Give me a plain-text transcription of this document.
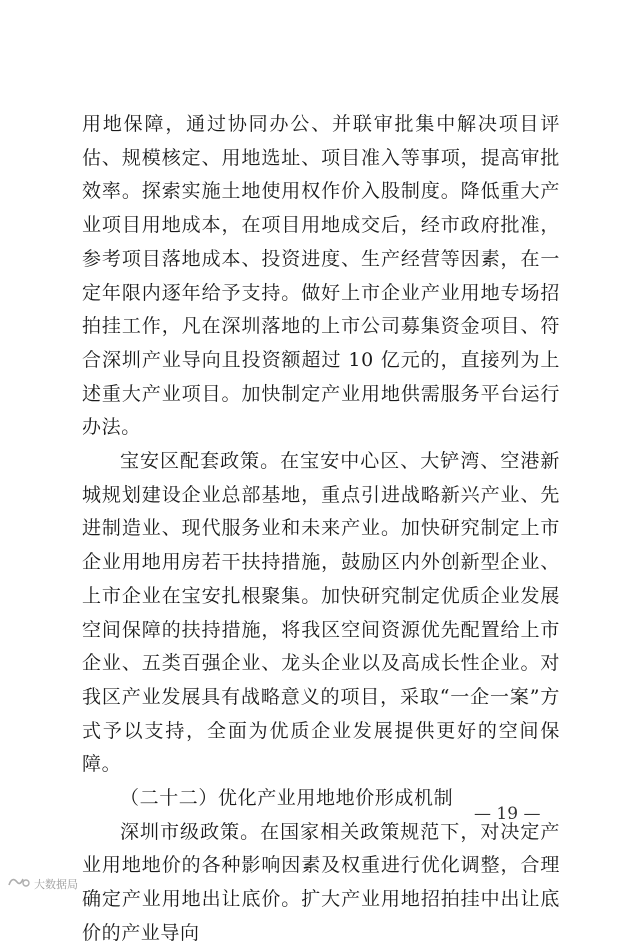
用地保障，通过协同办公、并联审批集中解决项目评估、规模核定、用地选址、项目准入等事项，提高审批效率。探索实施土地使用权作价入股制度。降低重大产业项目用地成本，在项目用地成交后，经市政府批准，参考项目落地成本、投资进度、生产经营等因素，在一定年限内逐年给予支持。做好上市企业产业用地专场招拍挂工作，凡在深圳落地的上市公司募集资金项目、符合深圳产业导向且投资额超过 10 亿元的，直接列为上述重大产业项目。加快制定产业用地供需服务平台运行办法。

宝安区配套政策。在宝安中心区、大铲湾、空港新城规划建设企业总部基地，重点引进战略新兴产业、先进制造业、现代服务业和未来产业。加快研究制定上市企业用地用房若干扶持措施，鼓励区内外创新型企业、上市企业在宝安扎根聚集。加快研究制定优质企业发展空间保障的扶持措施，将我区空间资源优先配置给上市企业、五类百强企业、龙头企业以及高成长性企业。对我区产业发展具有战略意义的项目，采取“一企一案”方式予以支持，全面为优质企业发展提供更好的空间保障。

（二十二）优化产业用地地价形成机制

深圳市级政策。在国家相关政策规范下，对决定产业用地地价的各种影响因素及权重进行优化调整，合理确定产业用地出让底价。扩大产业用地招拍挂中出让底价的产业导向

— 19 —
大数据局
